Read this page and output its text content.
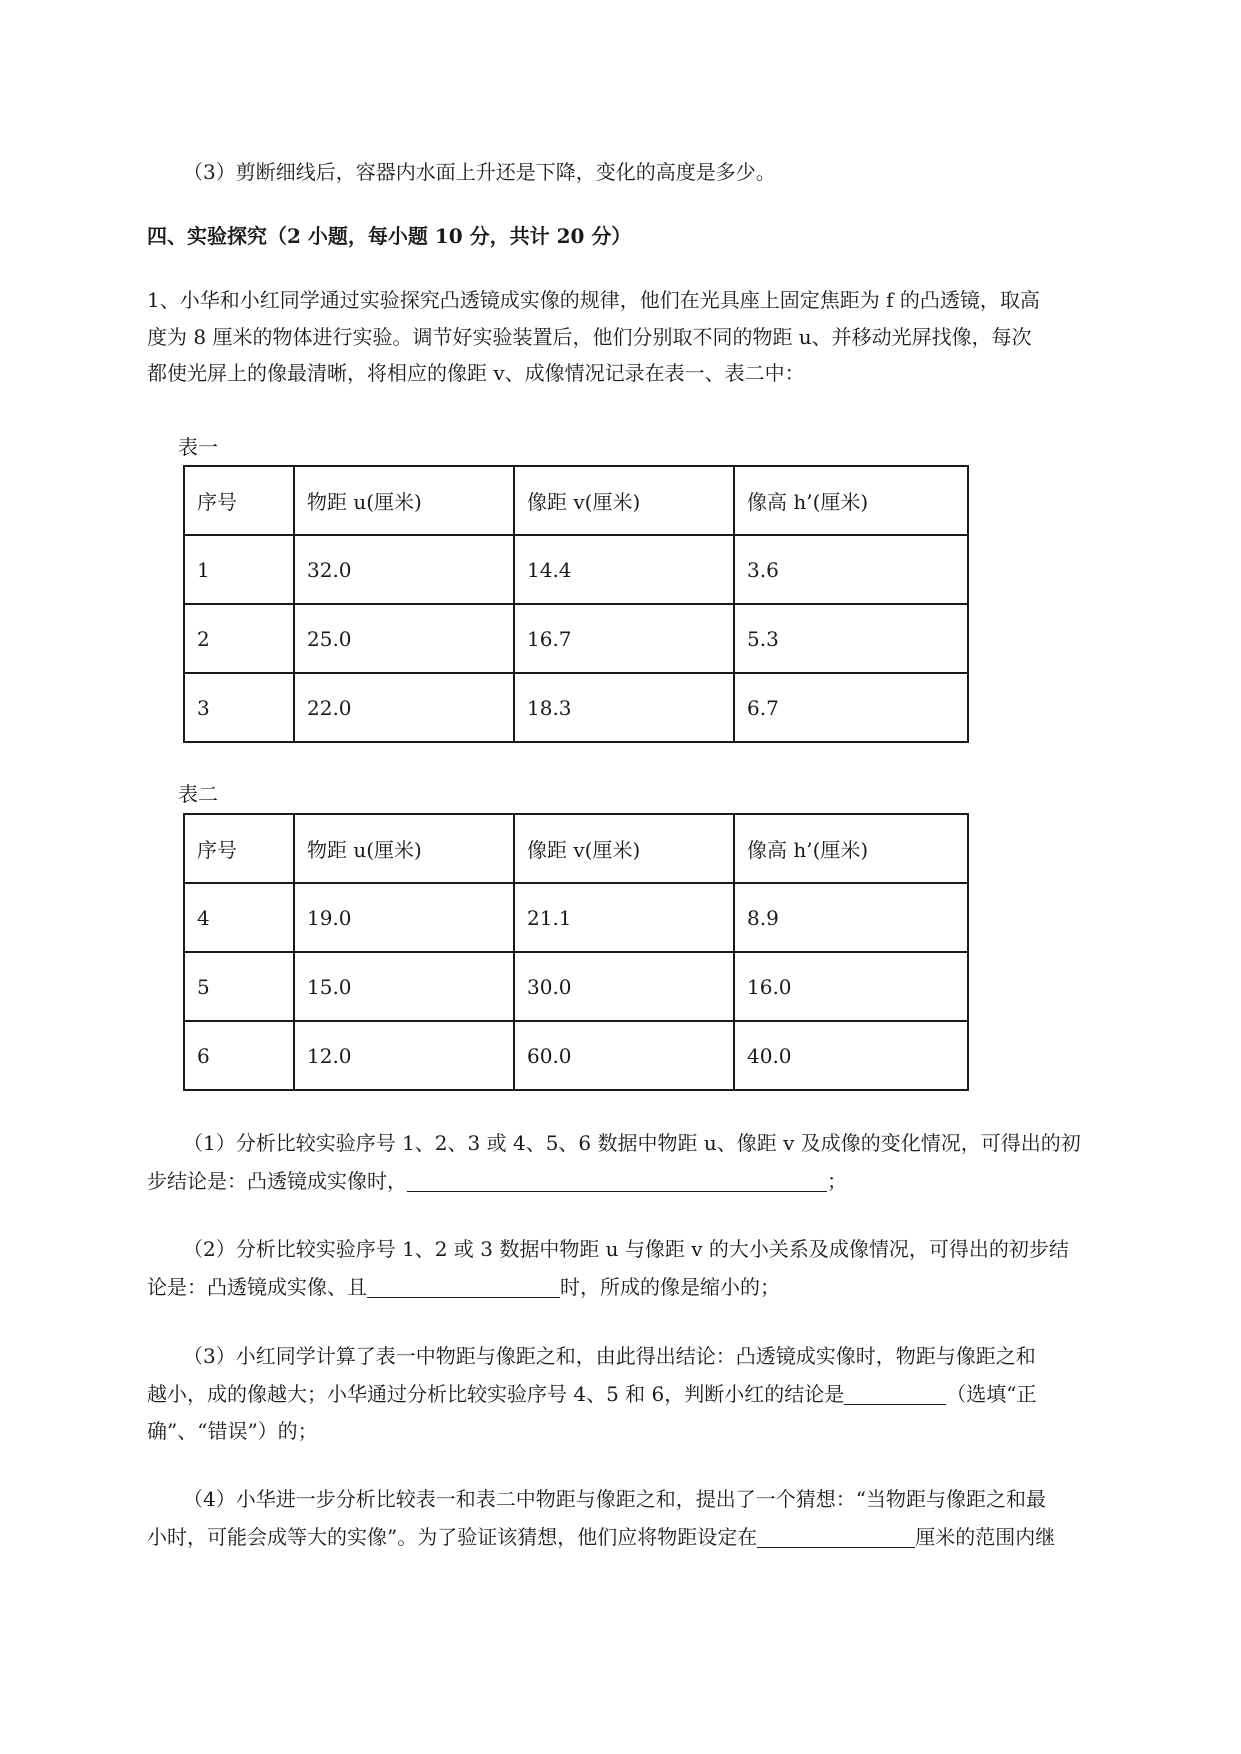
（3）剪断细线后，容器内水面上升还是下降，变化的高度是多少。
四、实验探究（2 小题，每小题 10 分，共计 20 分）
1、小华和小红同学通过实验探究凸透镜成实像的规律，他们在光具座上固定焦距为 f 的凸透镜，取高
度为 8 厘米的物体进行实验。调节好实验装置后，他们分别取不同的物距 u、并移动光屏找像，每次
都使光屏上的像最清晰，将相应的像距 v、成像情况记录在表一、表二中：
表一
序号	物距 u(厘米)	像距 v(厘米)	像高 h’(厘米)
1	32.0	14.4	3.6
2	25.0	16.7	5.3
3	22.0	18.3	6.7
表二
序号	物距 u(厘米)	像距 v(厘米)	像高 h’(厘米)
4	19.0	21.1	8.9
5	15.0	30.0	16.0
6	12.0	60.0	40.0
（1）分析比较实验序号 1、2、3 或 4、5、6 数据中物距 u、像距 v 及成像的变化情况，可得出的初
步结论是：凸透镜成实像时，	；
（2）分析比较实验序号 1、2 或 3 数据中物距 u 与像距 v 的大小关系及成像情况，可得出的初步结
论是：凸透镜成实像、且	时，所成的像是缩小的；
（3）小红同学计算了表一中物距与像距之和，由此得出结论：凸透镜成实像时，物距与像距之和
越小，成的像越大；小华通过分析比较实验序号 4、5 和 6，判断小红的结论是	（选填“正
确”、“错误”）的；
（4）小华进一步分析比较表一和表二中物距与像距之和，提出了一个猜想：“当物距与像距之和最
小时，可能会成等大的实像”。为了验证该猜想，他们应将物距设定在	厘米的范围内继
